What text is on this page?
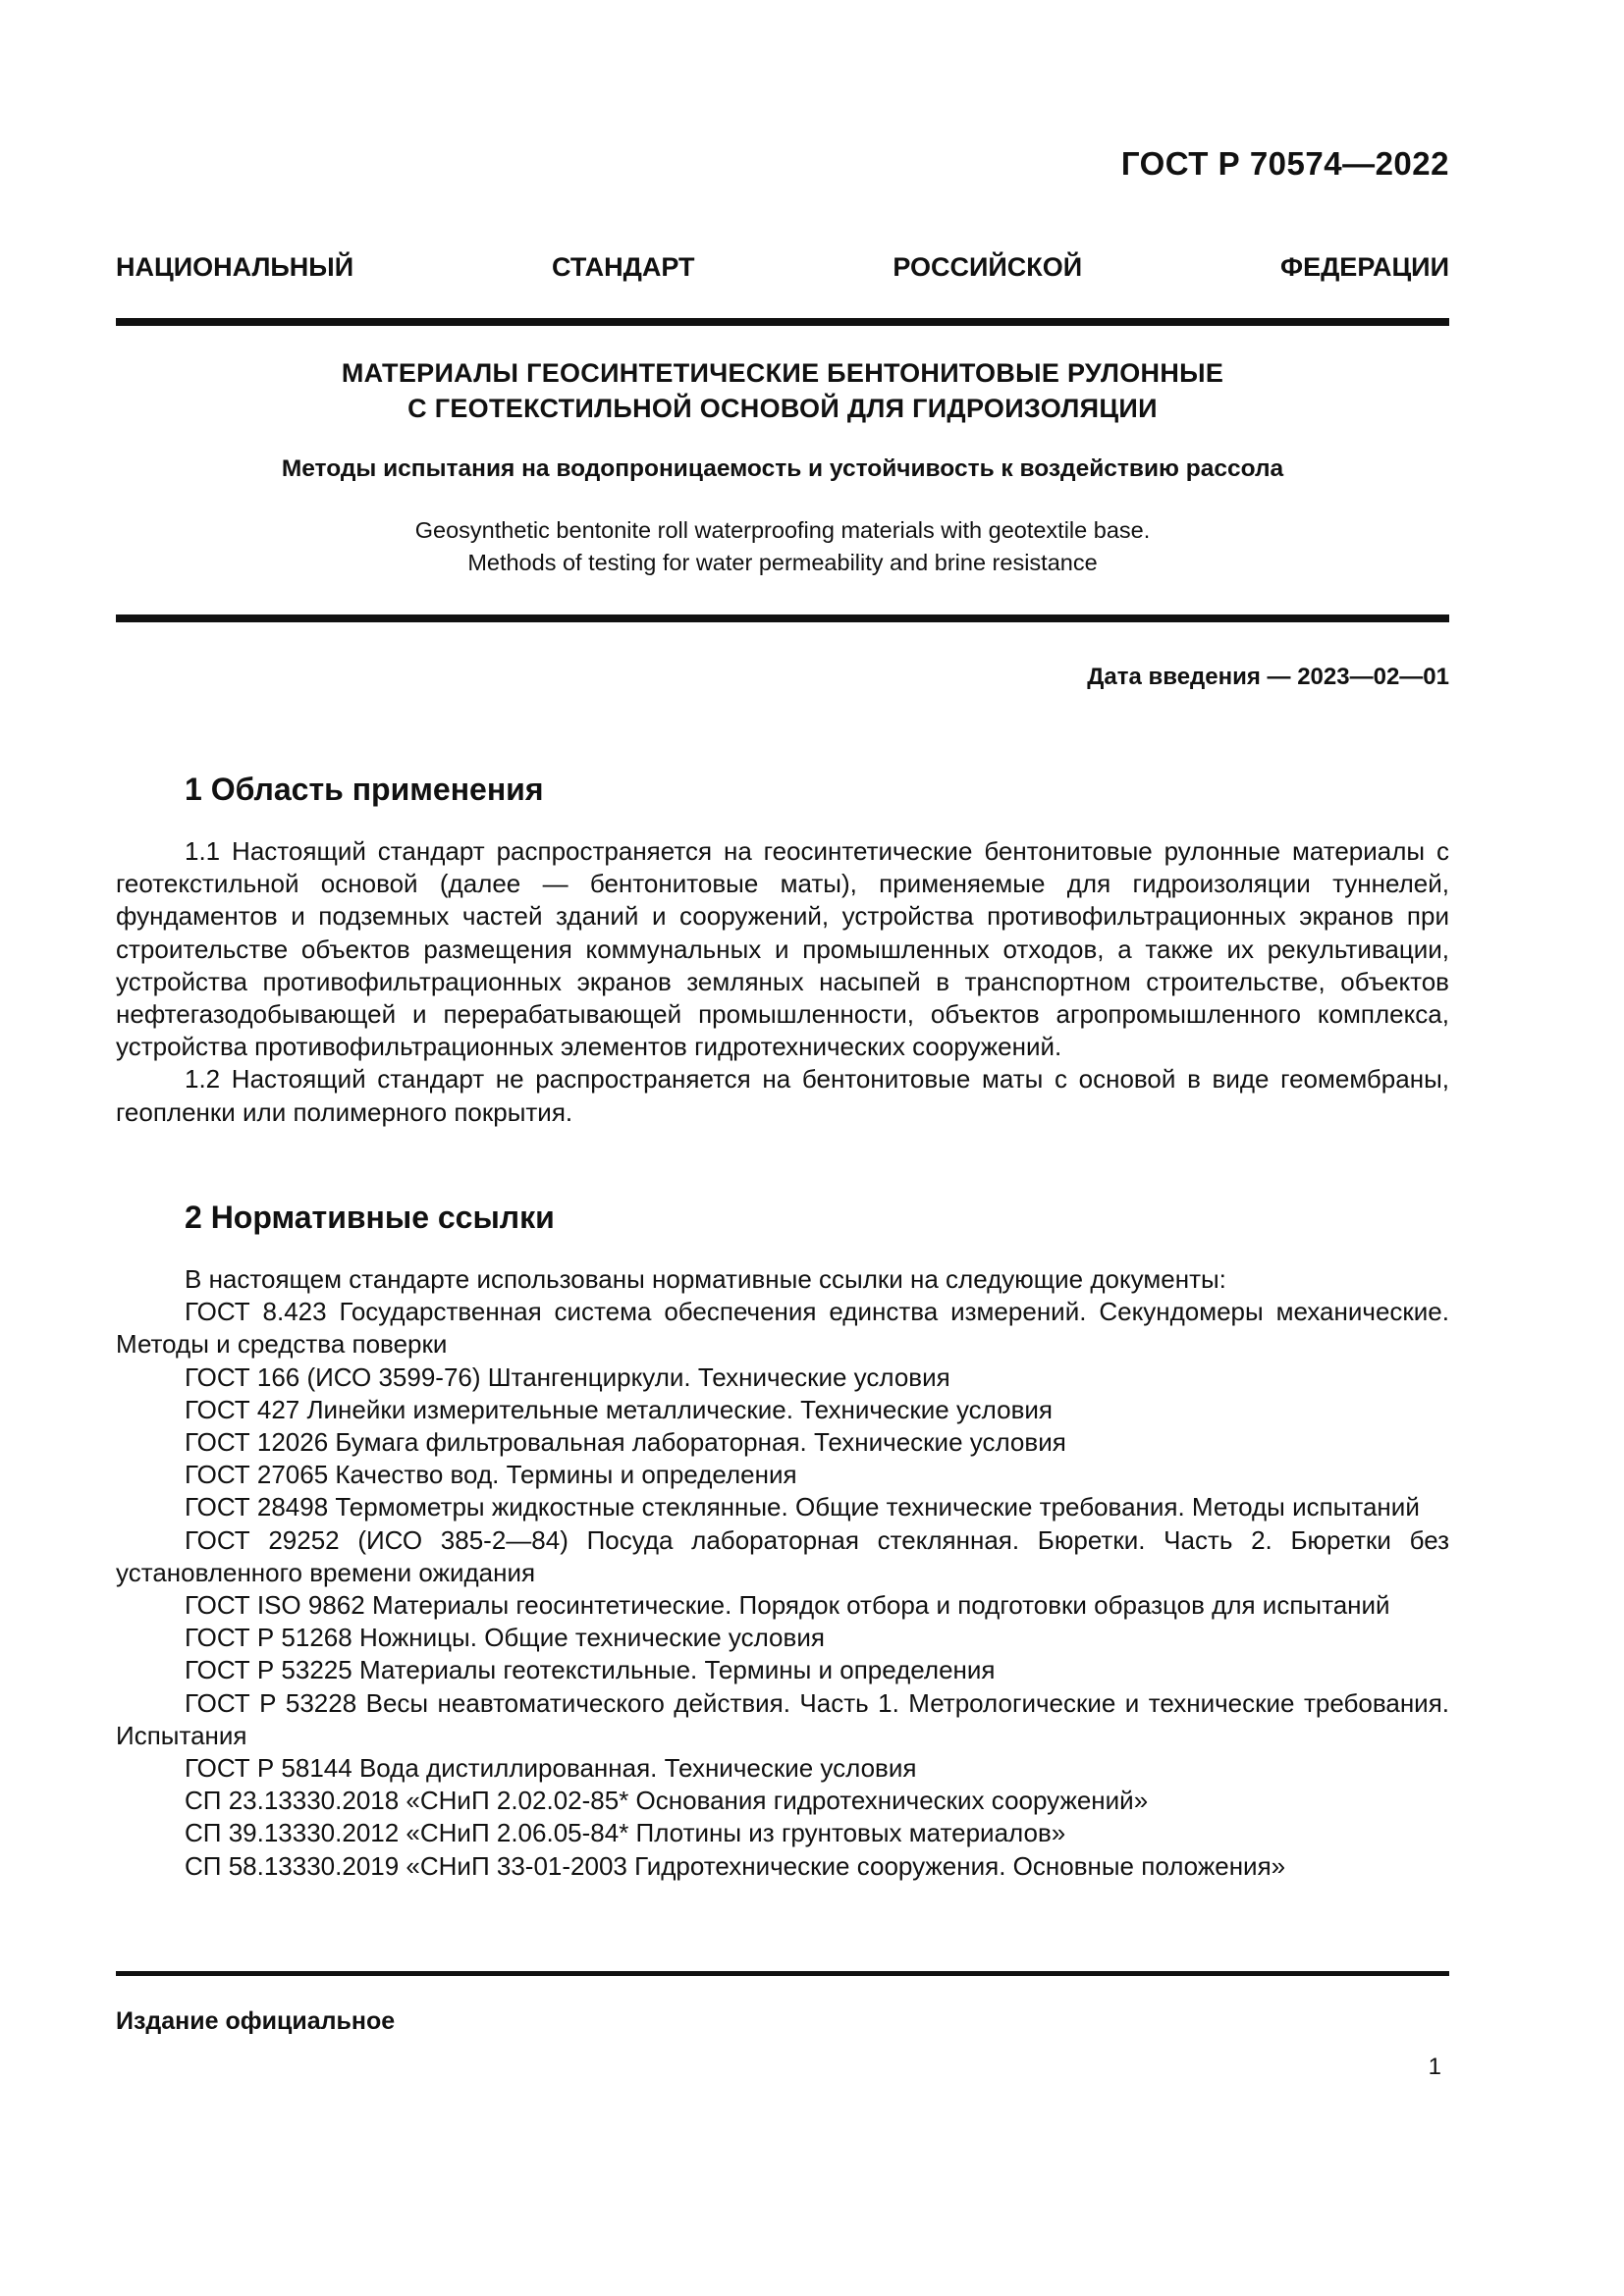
ГОСТ Р 70574—2022
НАЦИОНАЛЬНЫЙ СТАНДАРТ РОССИЙСКОЙ ФЕДЕРАЦИИ
МАТЕРИАЛЫ ГЕОСИНТЕТИЧЕСКИЕ БЕНТОНИТОВЫЕ РУЛОННЫЕ
С ГЕОТЕКСТИЛЬНОЙ ОСНОВОЙ ДЛЯ ГИДРОИЗОЛЯЦИИ
Методы испытания на водопроницаемость и устойчивость к воздействию рассола
Geosynthetic bentonite roll waterproofing materials with geotextile base.
Methods of testing for water permeability and brine resistance
Дата введения — 2023—02—01
1 Область применения
1.1 Настоящий стандарт распространяется на геосинтетические бентонитовые рулонные материалы с геотекстильной основой (далее — бентонитовые маты), применяемые для гидроизоляции туннелей, фундаментов и подземных частей зданий и сооружений, устройства противофильтрационных экранов при строительстве объектов размещения коммунальных и промышленных отходов, а также их рекультивации, устройства противофильтрационных экранов земляных насыпей в транспортном строительстве, объектов нефтегазодобывающей и перерабатывающей промышленности, объектов агропромышленного комплекса, устройства противофильтрационных элементов гидротехнических сооружений.
1.2 Настоящий стандарт не распространяется на бентонитовые маты с основой в виде геомембраны, геопленки или полимерного покрытия.
2 Нормативные ссылки
В настоящем стандарте использованы нормативные ссылки на следующие документы:
ГОСТ 8.423 Государственная система обеспечения единства измерений. Секундомеры механические. Методы и средства поверки
ГОСТ 166 (ИСО 3599-76) Штангенциркули. Технические условия
ГОСТ 427 Линейки измерительные металлические. Технические условия
ГОСТ 12026 Бумага фильтровальная лабораторная. Технические условия
ГОСТ 27065 Качество вод. Термины и определения
ГОСТ 28498 Термометры жидкостные стеклянные. Общие технические требования. Методы испытаний
ГОСТ 29252 (ИСО 385-2—84) Посуда лабораторная стеклянная. Бюретки. Часть 2. Бюретки без установленного времени ожидания
ГОСТ ISO 9862 Материалы геосинтетические. Порядок отбора и подготовки образцов для испытаний
ГОСТ Р 51268 Ножницы. Общие технические условия
ГОСТ Р 53225 Материалы геотекстильные. Термины и определения
ГОСТ Р 53228 Весы неавтоматического действия. Часть 1. Метрологические и технические требования. Испытания
ГОСТ Р 58144 Вода дистиллированная. Технические условия
СП 23.13330.2018 «СНиП 2.02.02-85* Основания гидротехнических сооружений»
СП 39.13330.2012 «СНиП 2.06.05-84* Плотины из грунтовых материалов»
СП 58.13330.2019 «СНиП 33-01-2003 Гидротехнические сооружения. Основные положения»
Издание официальное
1
